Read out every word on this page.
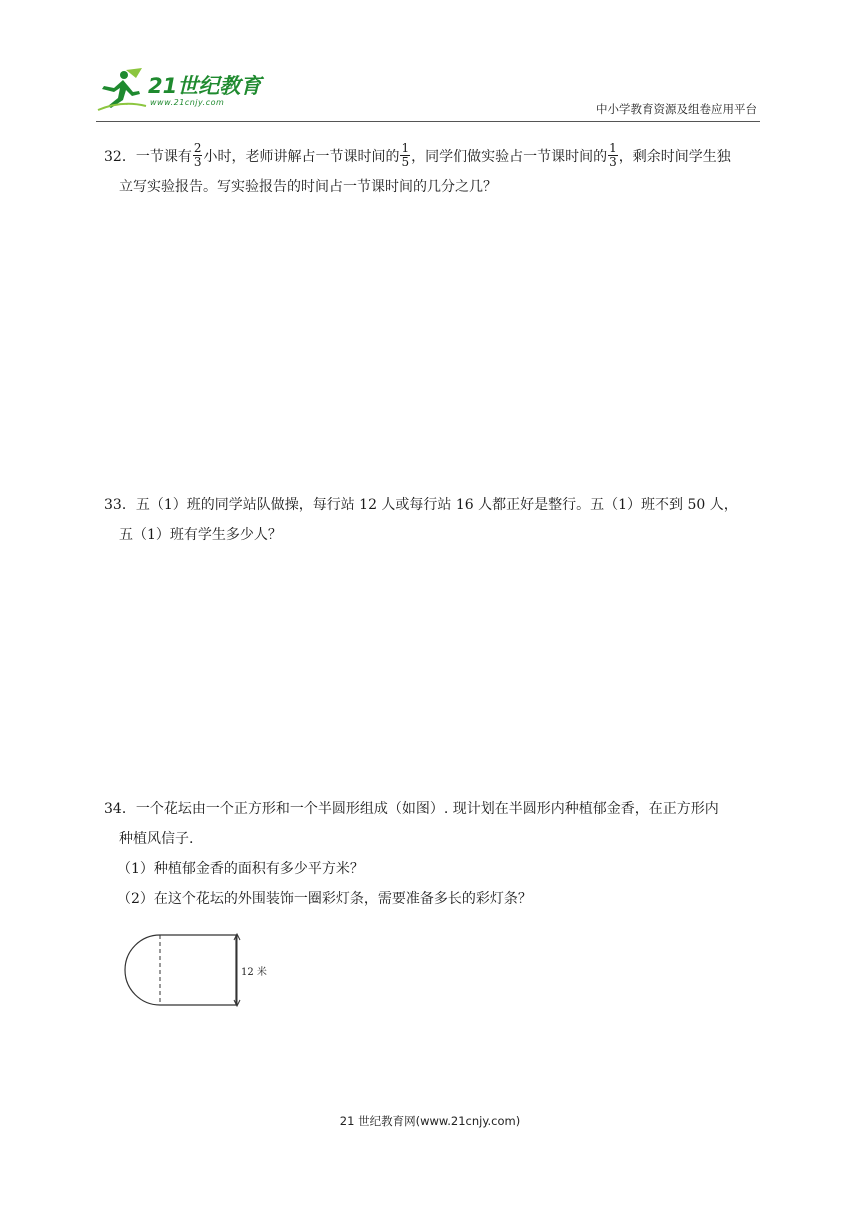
21世纪教育
www.21cnjy.com	中小学教育资源及组卷应用平台
32．一节课有 $\frac{2}{3}$ 小时，老师讲解占一节课时间的 $\frac{1}{5}$ ，同学们做实验占一节课时间的 $\frac{1}{3}$ ，剩余时间学生独
立写实验报告。写实验报告的时间占一节课时间的几分之几？
33．五（1）班的同学站队做操，每行站 12 人或每行站 16 人都正好是整行。五（1）班不到 50 人，
五（1）班有学生多少人？
34．一个花坛由一个正方形和一个半圆形组成（如图）. 现计划在半圆形内种植郁金香，在正方形内
种植风信子.
（1）种植郁金香的面积有多少平方米？
（2）在这个花坛的外围装饰一圈彩灯条，需要准备多长的彩灯条？
12 米
21 世纪教育网(www.21cnjy.com)
